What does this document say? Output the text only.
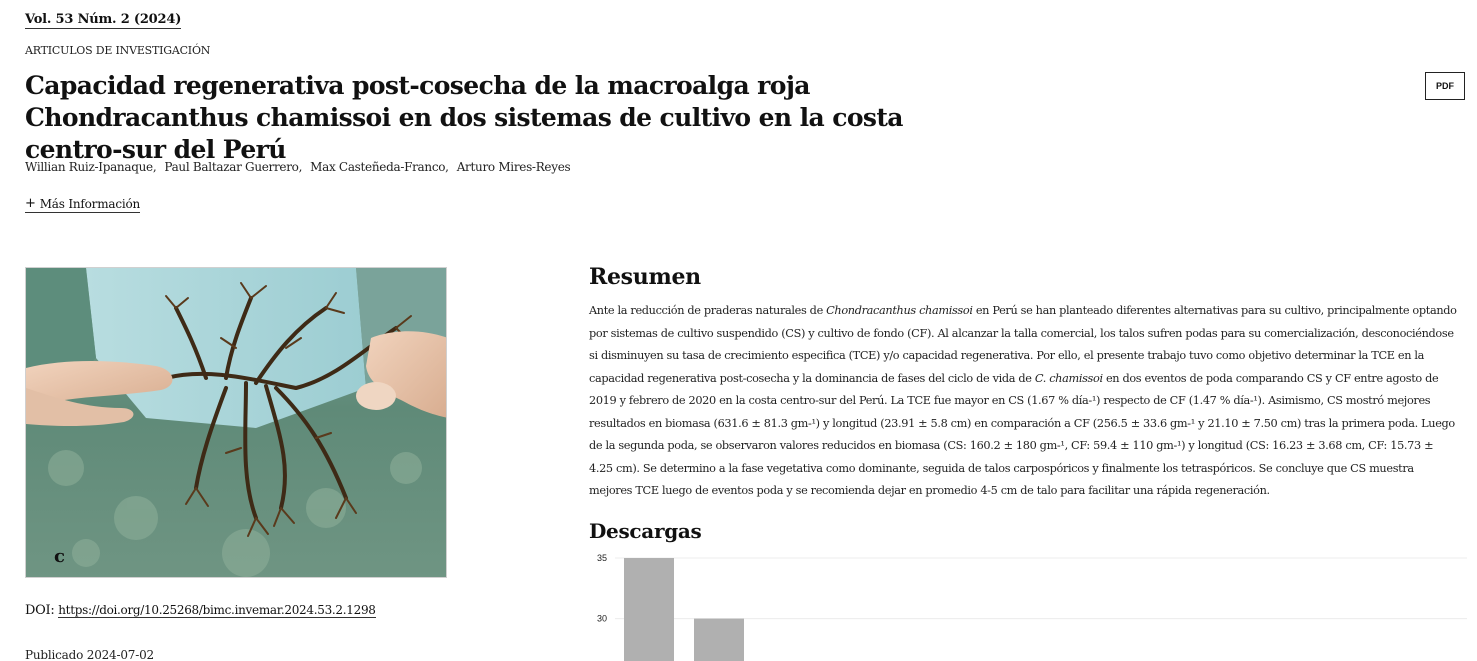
Vol. 53 Núm. 2 (2024)
ARTICULOS DE INVESTIGACIÓN
Capacidad regenerativa post-cosecha de la macroalga roja Chondracanthus chamissoi en dos sistemas de cultivo en la costa centro-sur del Perú
PDF
Willian Ruiz-Ipanaque, Paul Baltazar Guerrero, Max Casteñeda-Franco, Arturo Mires-Reyes
+ Más Información
c
DOI: https://doi.org/10.25268/bimc.invemar.2024.53.2.1298
Publicado 2024-07-02
Resumen

Ante la reducción de praderas naturales de Chondracanthus chamissoi en Perú se han planteado diferentes alternativas para su cultivo, principalmente optando por sistemas de cultivo suspendido (CS) y cultivo de fondo (CF). Al alcanzar la talla comercial, los talos sufren podas para su comercialización, desconociéndose si disminuyen su tasa de crecimiento especifica (TCE) y/o capacidad regenerativa. Por ello, el presente trabajo tuvo como objetivo determinar la TCE en la capacidad regenerativa post-cosecha y la dominancia de fases del ciclo de vida de C. chamissoi en dos eventos de poda comparando CS y CF entre agosto de 2019 y febrero de 2020 en la costa centro-sur del Perú. La TCE fue mayor en CS (1.67 % día-¹) respecto de CF (1.47 % día-¹). Asimismo, CS mostró mejores resultados en biomasa (631.6 ± 81.3 gm-¹) y longitud (23.91 ± 5.8 cm) en comparación a CF (256.5 ± 33.6 gm-¹ y 21.10 ± 7.50 cm) tras la primera poda. Luego de la segunda poda, se observaron valores reducidos en biomasa (CS: 160.2 ± 180 gm-¹, CF: 59.4 ± 110 gm-¹) y longitud (CS: 16.23 ± 3.68 cm, CF: 15.73 ± 4.25 cm). Se determino a la fase vegetativa como dominante, seguida de talos carpospóricos y finalmente los tetraspóricos. Se concluye que CS muestra mejores TCE luego de eventos poda y se recomienda dejar en promedio 4-5 cm de talo para facilitar una rápida regeneración.

Descargas
35
30
